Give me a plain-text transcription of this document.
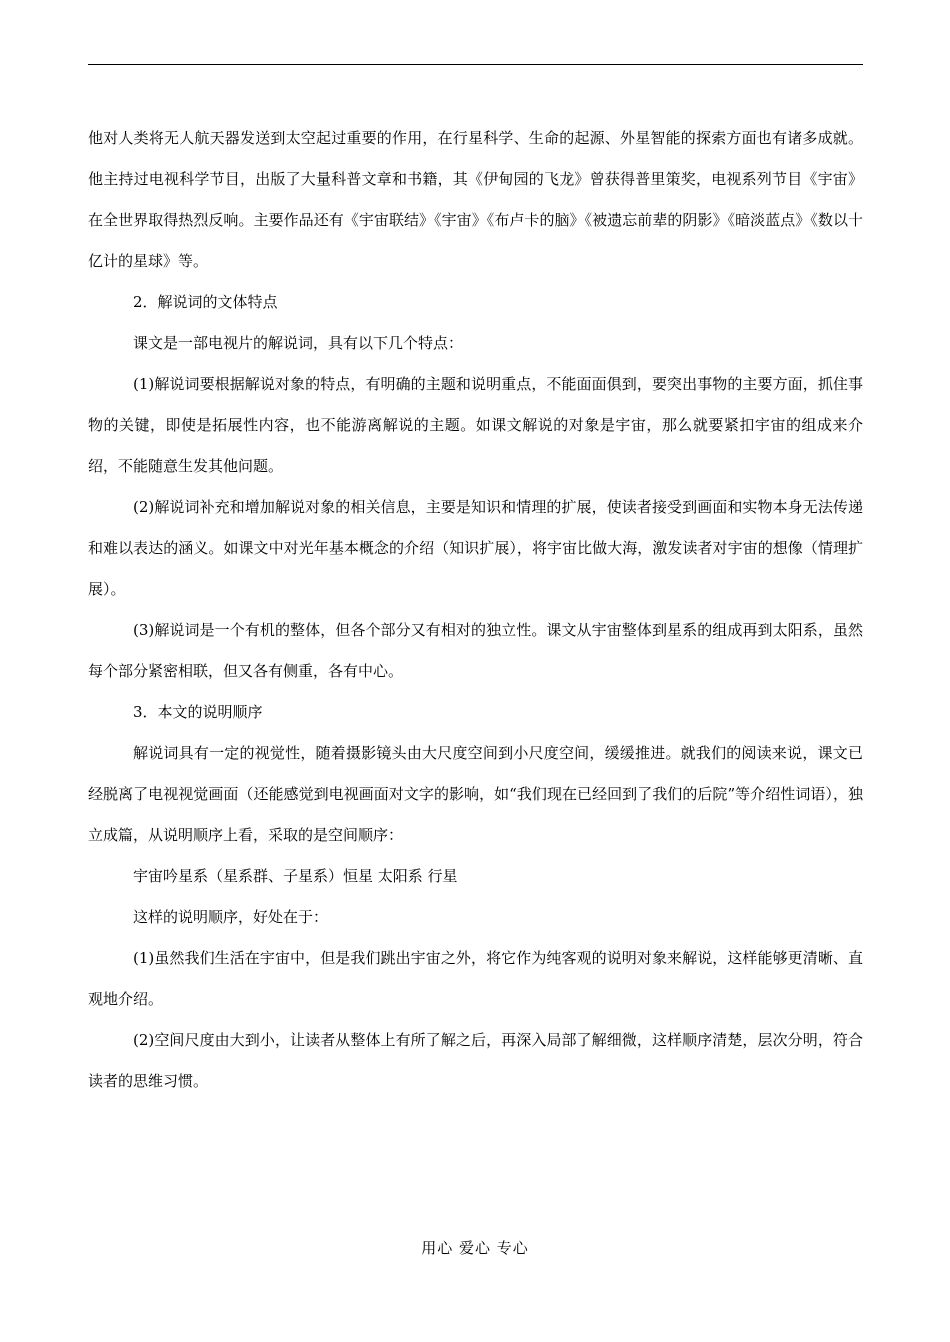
他对人类将无人航天器发送到太空起过重要的作用，在行星科学、生命的起源、外星智能的探索方面也有诸多成就。他主持过电视科学节目，出版了大量科普文章和书籍，其《伊甸园的飞龙》曾获得普里策奖，电视系列节目《宇宙》在全世界取得热烈反响。主要作品还有《宇宙联结》《宇宙》《布卢卡的脑》《被遗忘前辈的阴影》《暗淡蓝点》《数以十亿计的星球》等。

2．解说词的文体特点

课文是一部电视片的解说词，具有以下几个特点：

(1)解说词要根据解说对象的特点，有明确的主题和说明重点，不能面面俱到，要突出事物的主要方面，抓住事物的关键，即使是拓展性内容，也不能游离解说的主题。如课文解说的对象是宇宙，那么就要紧扣宇宙的组成来介绍，不能随意生发其他问题。

(2)解说词补充和增加解说对象的相关信息，主要是知识和情理的扩展，使读者接受到画面和实物本身无法传递和难以表达的涵义。如课文中对光年基本概念的介绍（知识扩展），将宇宙比做大海，激发读者对宇宙的想像（情理扩展）。

(3)解说词是一个有机的整体，但各个部分又有相对的独立性。课文从宇宙整体到星系的组成再到太阳系，虽然每个部分紧密相联，但又各有侧重，各有中心。

3．本文的说明顺序

解说词具有一定的视觉性，随着摄影镜头由大尺度空间到小尺度空间，缓缓推进。就我们的阅读来说，课文已经脱离了电视视觉画面（还能感觉到电视画面对文字的影响，如“我们现在已经回到了我们的后院”等介绍性词语），独立成篇，从说明顺序上看，采取的是空间顺序：

宇宙吟星系（星系群、子星系）恒星 太阳系 行星

这样的说明顺序，好处在于：

(1)虽然我们生活在宇宙中，但是我们跳出宇宙之外，将它作为纯客观的说明对象来解说，这样能够更清晰、直观地介绍。

(2)空间尺度由大到小，让读者从整体上有所了解之后，再深入局部了解细微，这样顺序清楚，层次分明，符合读者的思维习惯。

用心 爱心 专心
